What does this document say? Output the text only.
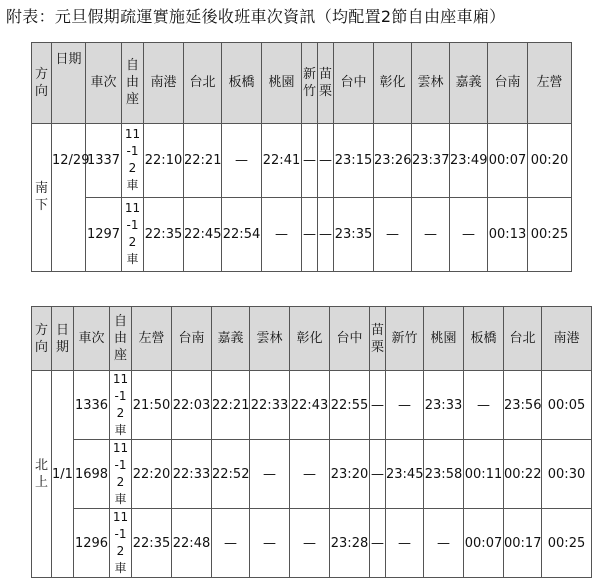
附表：元旦假期疏運實施延後收班車次資訊（均配置2節自由座車廂）
方向	日期	車次	自由座	南港	台北	板橋	桃園	新竹	苗栗	台中	彰化	雲林	嘉義	台南	左營
南下	12/29	1337	11-12車	22:10	22:21	—	22:41	—	—	23:15	23:26	23:37	23:49	00:07	00:20
		1297	11-12車	22:35	22:45	22:54	—	—	—	23:35	—	—	—	00:13	00:25
方向	日期	車次	自由座	左營	台南	嘉義	雲林	彰化	台中	苗栗	新竹	桃園	板橋	台北	南港
北上	1/1	1336	11-12車	21:50	22:03	22:21	22:33	22:43	22:55	—	—	23:33	—	23:56	00:05
		1698	11-12車	22:20	22:33	22:52	—	—	23:20	—	23:45	23:58	00:11	00:22	00:30
		1296	11-12車	22:35	22:48	—	—	—	23:28	—	—	—	00:07	00:17	00:25
